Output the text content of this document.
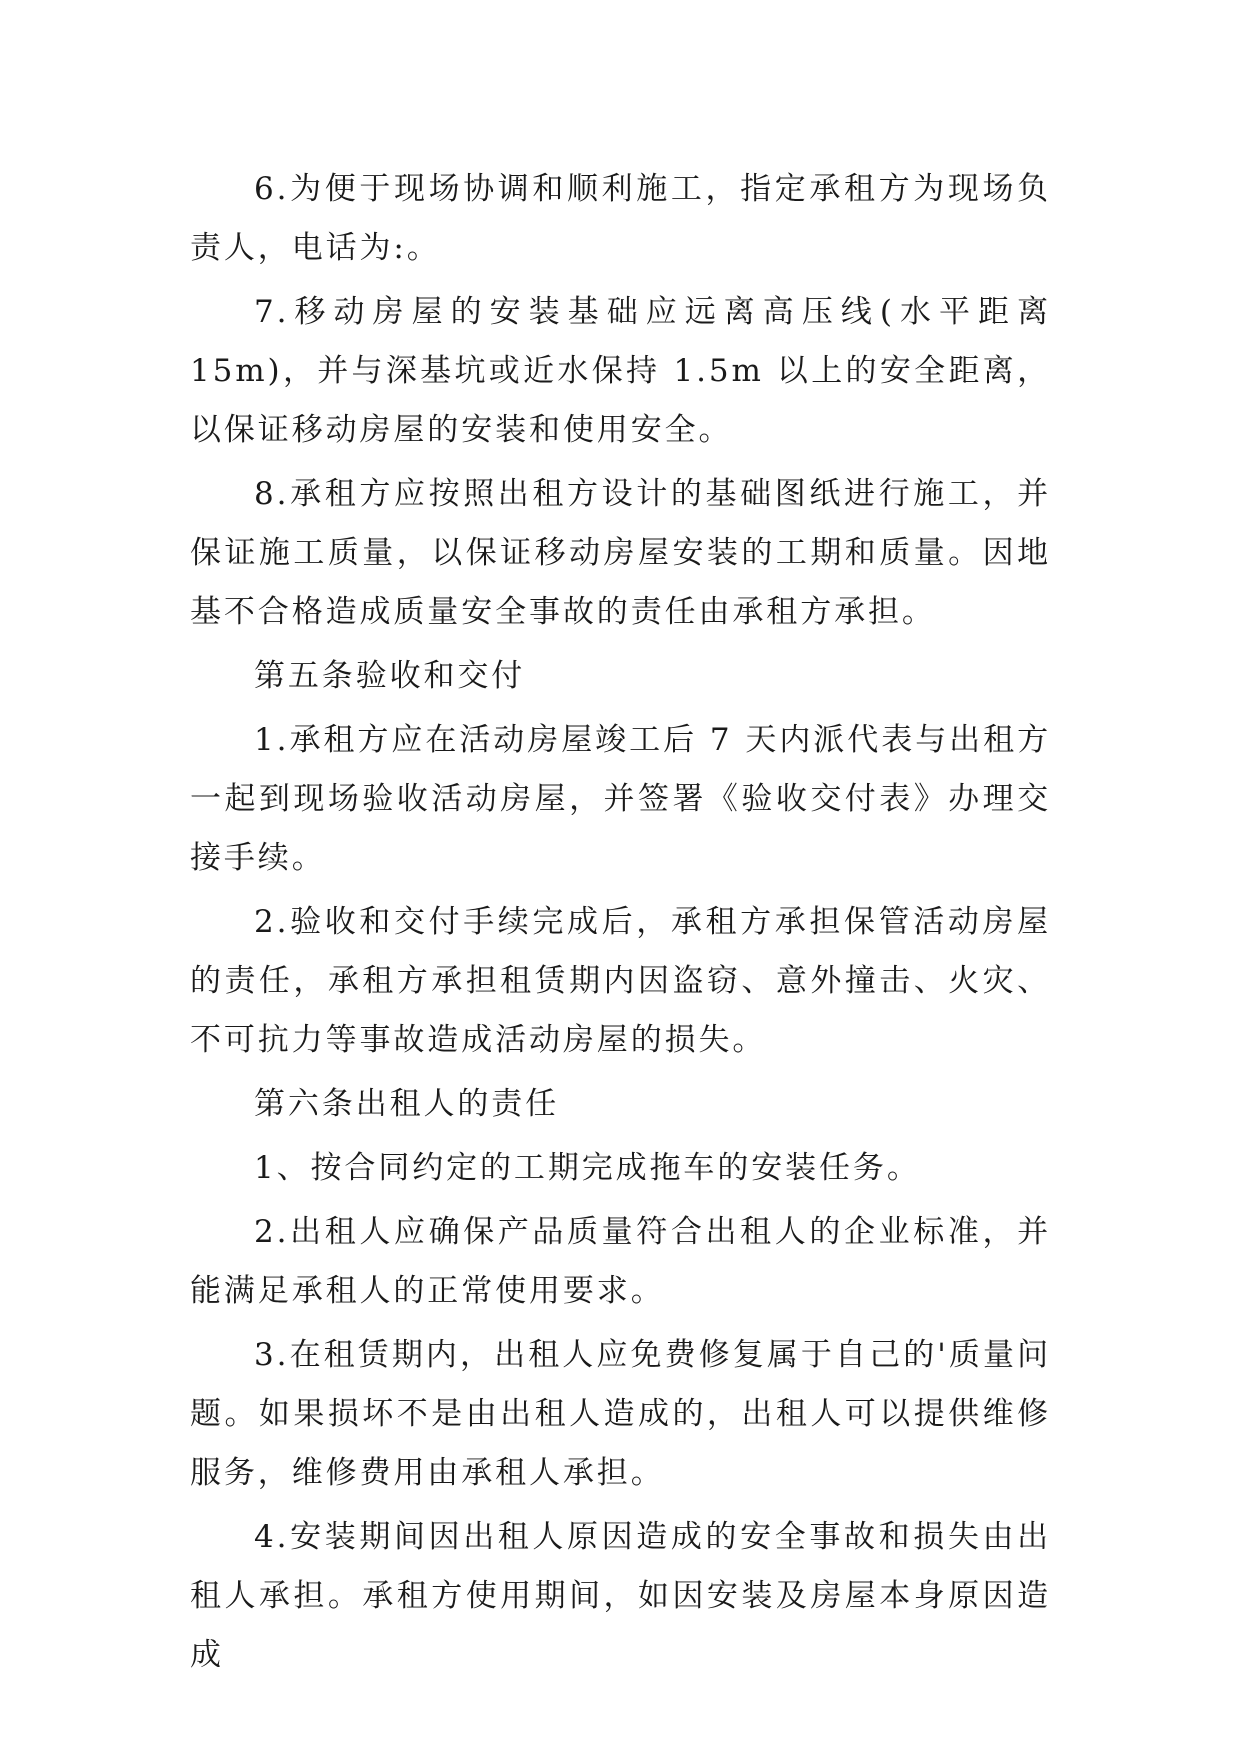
6.为便于现场协调和顺利施工，指定承租方为现场负责人，电话为:。

7.移动房屋的安装基础应远离高压线(水平距离 15m)，并与深基坑或近水保持 1.5m 以上的安全距离，以保证移动房屋的安装和使用安全。

8.承租方应按照出租方设计的基础图纸进行施工，并保证施工质量，以保证移动房屋安装的工期和质量。因地基不合格造成质量安全事故的责任由承租方承担。

第五条验收和交付

1.承租方应在活动房屋竣工后 7 天内派代表与出租方一起到现场验收活动房屋，并签署《验收交付表》办理交接手续。

2.验收和交付手续完成后，承租方承担保管活动房屋的责任，承租方承担租赁期内因盗窃、意外撞击、火灾、不可抗力等事故造成活动房屋的损失。

第六条出租人的责任

1、按合同约定的工期完成拖车的安装任务。

2.出租人应确保产品质量符合出租人的企业标准，并能满足承租人的正常使用要求。

3.在租赁期内，出租人应免费修复属于自己的'质量问题。如果损坏不是由出租人造成的，出租人可以提供维修服务，维修费用由承租人承担。

4.安装期间因出租人原因造成的安全事故和损失由出租人承担。承租方使用期间，如因安装及房屋本身原因造成
